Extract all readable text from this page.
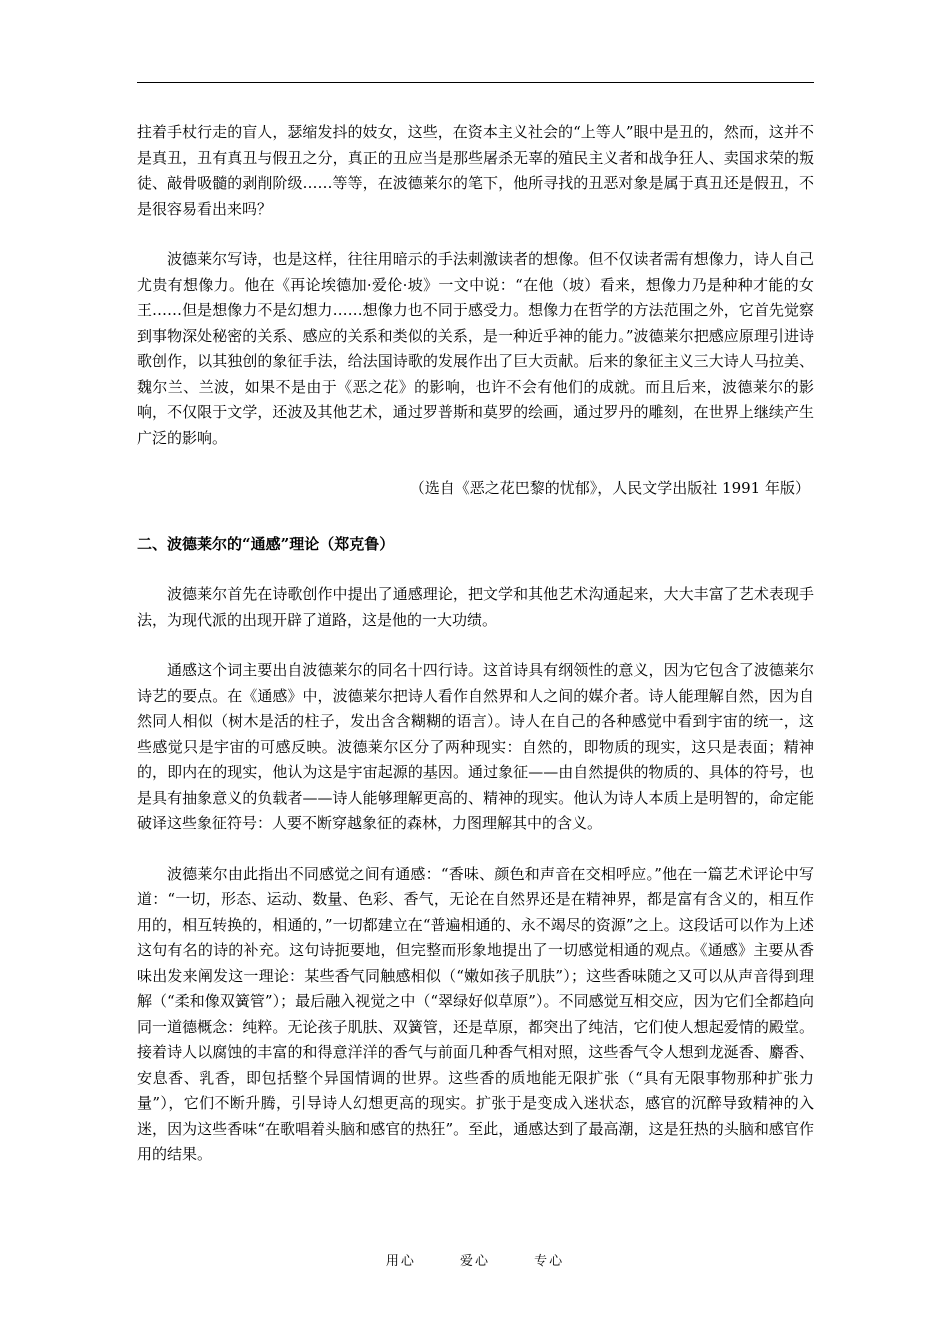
拄着手杖行走的盲人，瑟缩发抖的妓女，这些，在资本主义社会的“上等人”眼中是丑的，然而，这并不是真丑，丑有真丑与假丑之分，真正的丑应当是那些屠杀无辜的殖民主义者和战争狂人、卖国求荣的叛徒、敲骨吸髓的剥削阶级……等等，在波德莱尔的笔下，他所寻找的丑恶对象是属于真丑还是假丑，不是很容易看出来吗？

波德莱尔写诗，也是这样，往往用暗示的手法刺激读者的想像。但不仅读者需有想像力，诗人自己尤贵有想像力。他在《再论埃德加·爱伦·坡》一文中说：“在他（坡）看来，想像力乃是种种才能的女王……但是想像力不是幻想力……想像力也不同于感受力。想像力在哲学的方法范围之外，它首先觉察到事物深处秘密的关系、感应的关系和类似的关系，是一种近乎神的能力。”波德莱尔把感应原理引进诗歌创作，以其独创的象征手法，给法国诗歌的发展作出了巨大贡献。后来的象征主义三大诗人马拉美、魏尔兰、兰波，如果不是由于《恶之花》的影响，也许不会有他们的成就。而且后来，波德莱尔的影响，不仅限于文学，还波及其他艺术，通过罗普斯和莫罗的绘画，通过罗丹的雕刻，在世界上继续产生广泛的影响。

（选自《恶之花巴黎的忧郁》，人民文学出版社 1991 年版）
二、波德莱尔的“通感”理论（郑克鲁）

波德莱尔首先在诗歌创作中提出了通感理论，把文学和其他艺术沟通起来，大大丰富了艺术表现手法，为现代派的出现开辟了道路，这是他的一大功绩。

通感这个词主要出自波德莱尔的同名十四行诗。这首诗具有纲领性的意义，因为它包含了波德莱尔诗艺的要点。在《通感》中，波德莱尔把诗人看作自然界和人之间的媒介者。诗人能理解自然，因为自然同人相似（树木是活的柱子，发出含含糊糊的语言）。诗人在自己的各种感觉中看到宇宙的统一，这些感觉只是宇宙的可感反映。波德莱尔区分了两种现实：自然的，即物质的现实，这只是表面；精神的，即内在的现实，他认为这是宇宙起源的基因。通过象征——由自然提供的物质的、具体的符号，也是具有抽象意义的负载者——诗人能够理解更高的、精神的现实。他认为诗人本质上是明智的，命定能破译这些象征符号：人要不断穿越象征的森林，力图理解其中的含义。

波德莱尔由此指出不同感觉之间有通感：“香味、颜色和声音在交相呼应。”他在一篇艺术评论中写道：“一切，形态、运动、数量、色彩、香气，无论在自然界还是在精神界，都是富有含义的，相互作用的，相互转换的，相通的，”一切都建立在“普遍相通的、永不竭尽的资源”之上。这段话可以作为上述这句有名的诗的补充。这句诗扼要地，但完整而形象地提出了一切感觉相通的观点。《通感》主要从香味出发来阐发这一理论：某些香气同触感相似（“嫩如孩子肌肤”）；这些香味随之又可以从声音得到理解（“柔和像双簧管”）；最后融入视觉之中（“翠绿好似草原”）。不同感觉互相交应，因为它们全都趋向同一道德概念：纯粹。无论孩子肌肤、双簧管，还是草原，都突出了纯洁，它们使人想起爱情的殿堂。接着诗人以腐蚀的丰富的和得意洋洋的香气与前面几种香气相对照，这些香气令人想到龙涎香、麝香、安息香、乳香，即包括整个异国情调的世界。这些香的质地能无限扩张（“具有无限事物那种扩张力量”），它们不断升腾，引导诗人幻想更高的现实。扩张于是变成入迷状态，感官的沉醉导致精神的入迷，因为这些香味“在歌唱着头脑和感官的热狂”。至此，通感达到了最高潮，这是狂热的头脑和感官作用的结果。

用心	爱心	专心
